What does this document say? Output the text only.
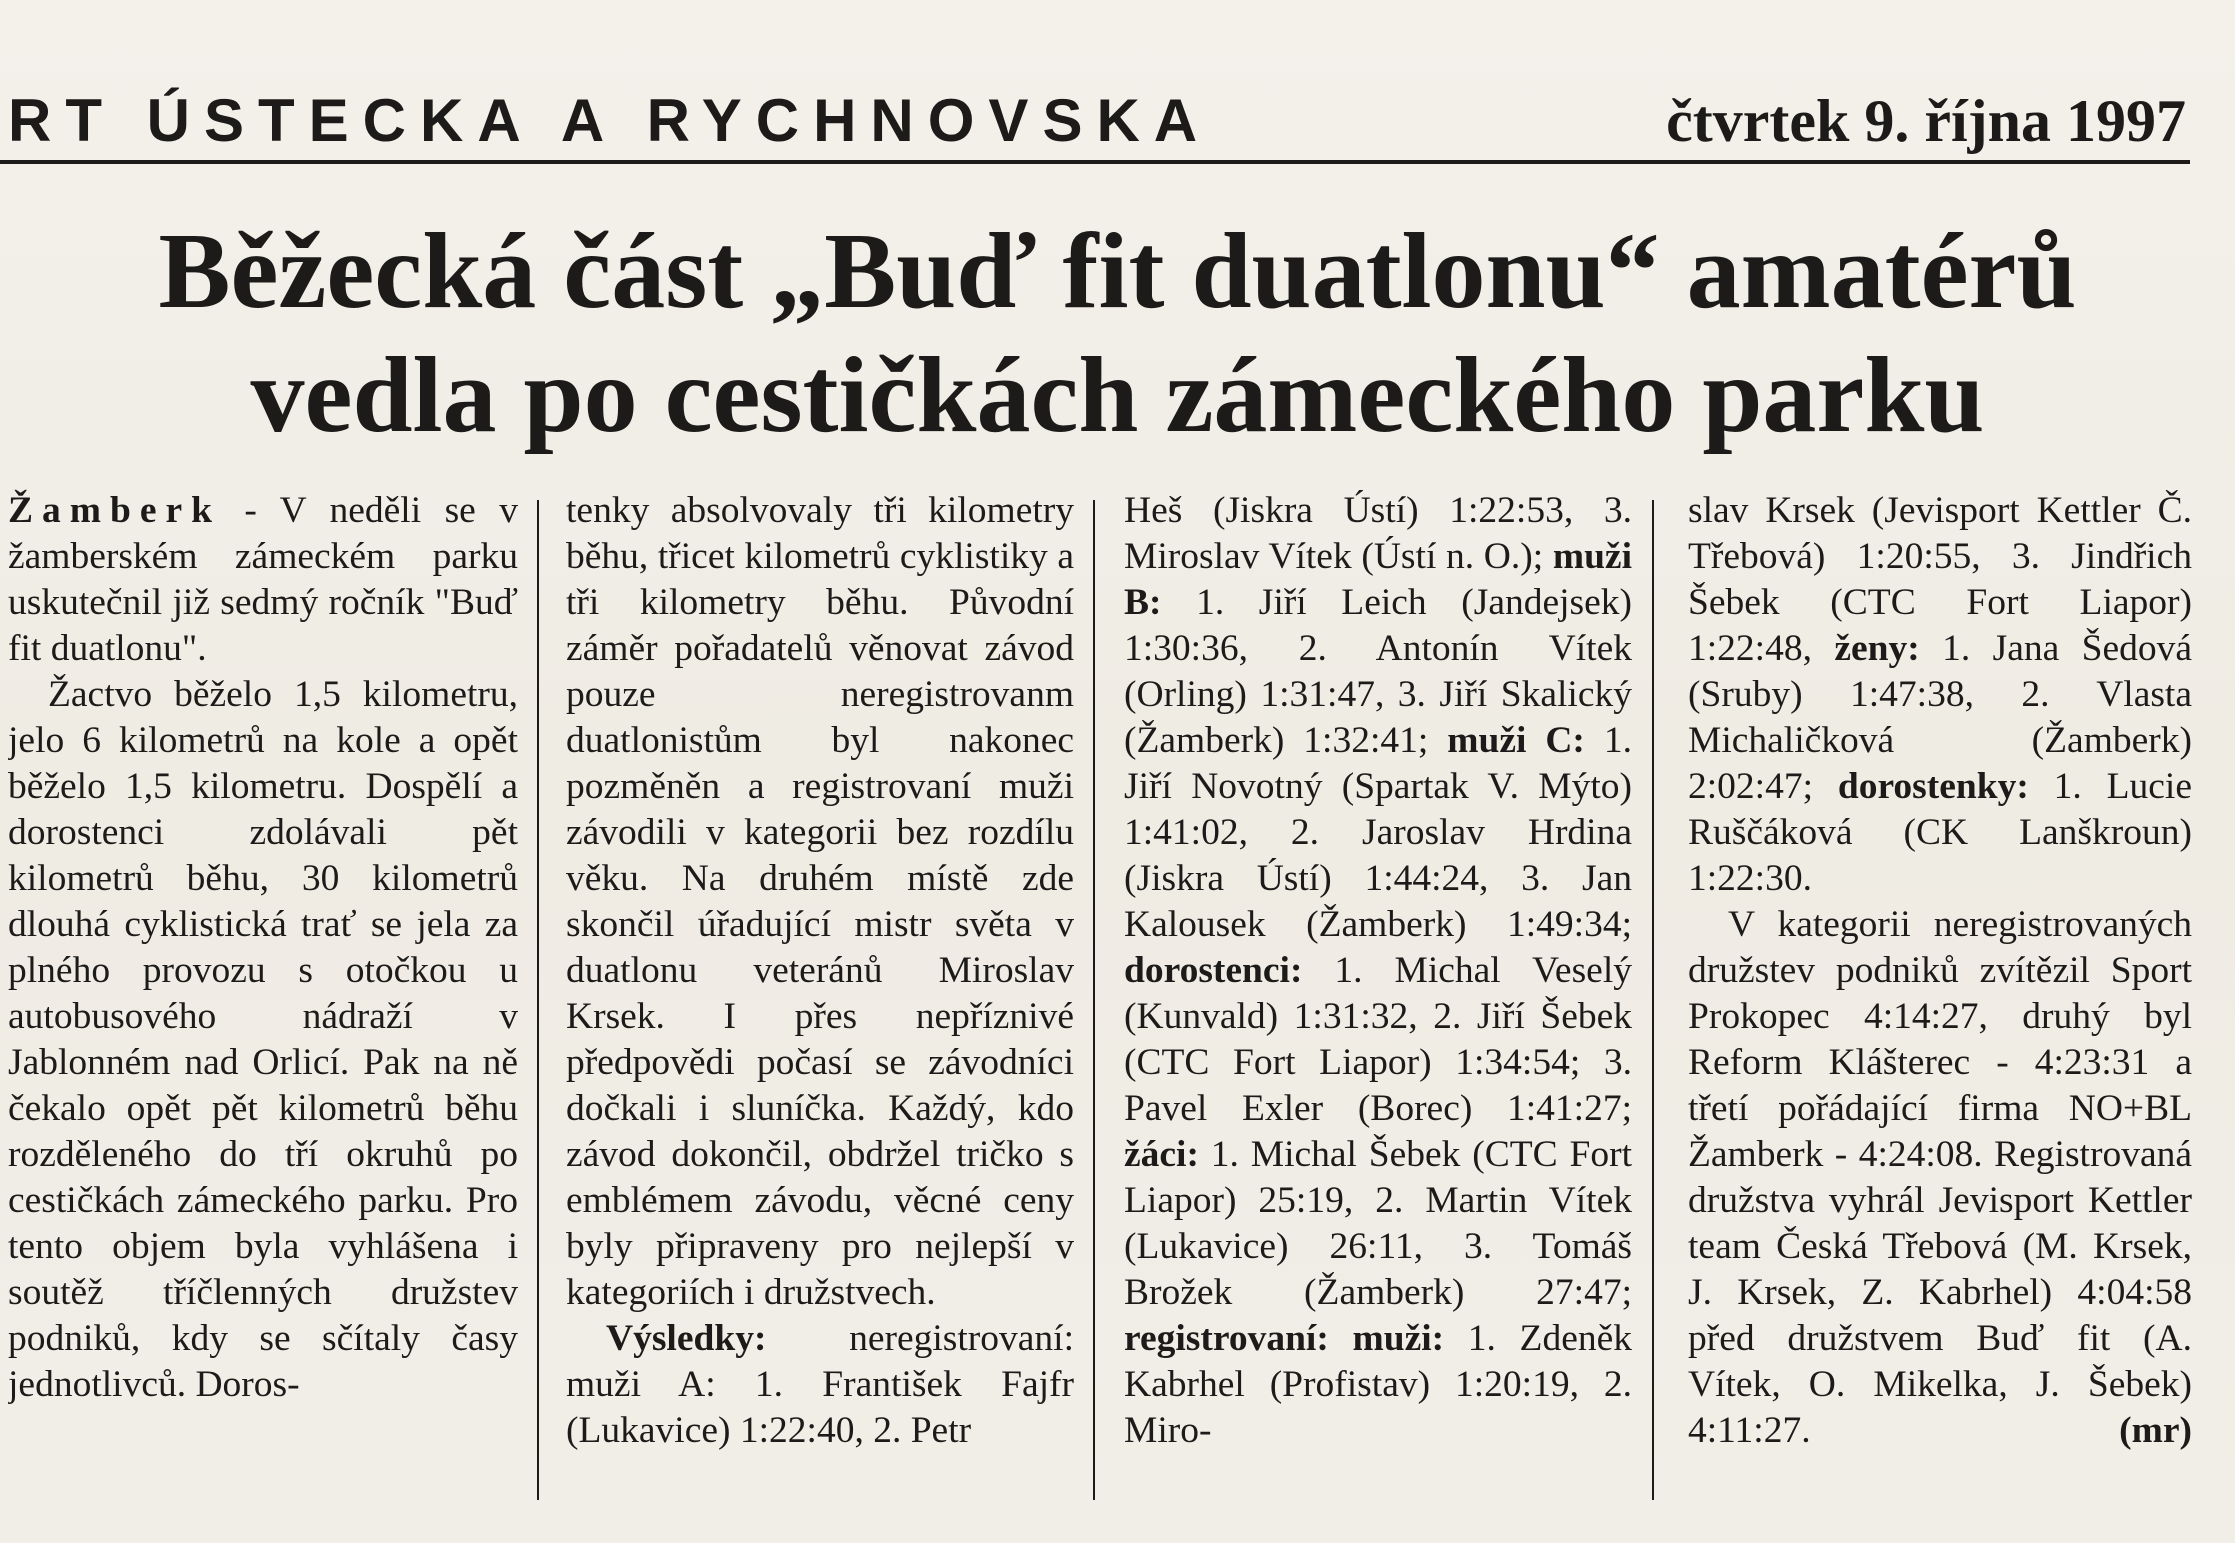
RT ÚSTECKA A RYCHNOVSKA	čtvrtek 9. října 1997
Běžecká část „Buď fit duatlonu“ amatérů
vedla po cestičkách zámeckého parku

Žamberk - V neděli se v žamberském zámeckém parku uskutečnil již sedmý ročník "Buď fit duatlonu".

Žactvo běželo 1,5 kilometru, jelo 6 kilometrů na kole a opět běželo 1,5 kilometru. Dospělí a dorostenci zdolávali pět kilometrů běhu, 30 kilometrů dlouhá cyklistická trať se jela za plného provozu s otočkou u autobusového nádraží v Jablonném nad Orlicí. Pak na ně čekalo opět pět kilometrů běhu rozděleného do tří okruhů po cestičkách zámeckého parku. Pro tento objem byla vyhlášena i soutěž tříčlenných družstev podniků, kdy se sčítaly časy jednotlivců. Doros-

tenky absolvovaly tři kilometry běhu, třicet kilometrů cyklistiky a tři kilometry běhu. Původní záměr pořadatelů věnovat závod pouze neregistrovanm duatlonistům byl nakonec pozměněn a registrovaní muži závodili v kategorii bez rozdílu věku. Na druhém místě zde skončil úřadující mistr světa v duatlonu veteránů Miroslav Krsek. I přes nepříznivé předpovědi počasí se závodníci dočkali i sluníčka. Každý, kdo závod dokončil, obdržel tričko s emblémem závodu, věcné ceny byly připraveny pro nejlepší v kategoriích i družstvech.

Výsledky: neregistrovaní: muži A: 1. František Fajfr (Lukavice) 1:22:40, 2. Petr

Heš (Jiskra Ústí) 1:22:53, 3. Miroslav Vítek (Ústí n. O.); muži B: 1. Jiří Leich (Jandejsek) 1:30:36, 2. Antonín Vítek (Orling) 1:31:47, 3. Jiří Skalický (Žamberk) 1:32:41; muži C: 1. Jiří Novotný (Spartak V. Mýto) 1:41:02, 2. Jaroslav Hrdina (Jiskra Ústí) 1:44:24, 3. Jan Kalousek (Žamberk) 1:49:34; dorostenci: 1. Michal Veselý (Kunvald) 1:31:32, 2. Jiří Šebek (CTC Fort Liapor) 1:34:54; 3. Pavel Exler (Borec) 1:41:27; žáci: 1. Michal Šebek (CTC Fort Liapor) 25:19, 2. Martin Vítek (Lukavice) 26:11, 3. Tomáš Brožek (Žamberk) 27:47; registrovaní: muži: 1. Zdeněk Kabrhel (Profistav) 1:20:19, 2. Miro-

slav Krsek (Jevisport Kettler Č. Třebová) 1:20:55, 3. Jindřich Šebek (CTC Fort Liapor) 1:22:48, ženy: 1. Jana Šedová (Sruby) 1:47:38, 2. Vlasta Michaličková (Žamberk) 2:02:47; dorostenky: 1. Lucie Ruščáková (CK Lanškroun) 1:22:30.

V kategorii neregistrovaných družstev podniků zvítězil Sport Prokopec 4:14:27, druhý byl Reform Klášterec - 4:23:31 a třetí pořádající firma NO+BL Žamberk - 4:24:08. Registrovaná družstva vyhrál Jevisport Kettler team Česká Třebová (M. Krsek, J. Krsek, Z. Kabrhel) 4:04:58 před družstvem Buď fit (A. Vítek, O. Mikelka, J. Šebek) 4:11:27.	(mr)
